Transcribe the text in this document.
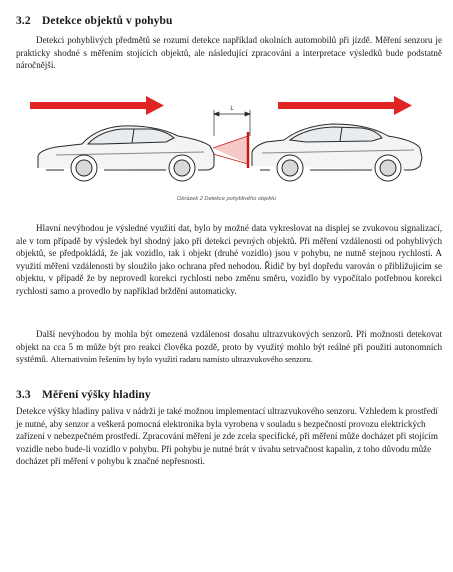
3.2 Detekce objektů v pohybu

Detekci pohyblivých předmětů se rozumí detekce například okolních automobilů při jízdě. Měření senzoru je prakticky shodné s měřením stojících objektů, ale následující zpracování a interpretace výsledků bude podstatně náročnější.

L
Obrázek 2 Detekce pohyblivého objektu

Hlavní nevýhodou je výsledné využití dat, bylo by možné data vykreslovat na displej se zvukovou signalizací, ale v tom případě by výsledek byl shodný jako při detekci pevných objektů. Při měření vzdálenosti od pohyblivých objektů, se předpokládá, že jak vozidlo, tak i objekt (druhé vozidlo) jsou v pohybu, ne nutně stejnou rychlostí. A využití měření vzdálenosti by sloužilo jako ochrana před nehodou. Řidič by byl dopředu varován o přibližujícím se objektu, v případě že by neprovedl korekci rychlosti nebo změnu směru, vozidlo by vypočítalo potřebnou korekci rychlosti samo a provedlo by například brždění automaticky.

Další nevýhodou by mohla být omezená vzdálenost dosahu ultrazvukových senzorů. Při možnosti detekovat objekt na cca 5 m může být pro reakci člověka pozdě, proto by využitý mohlo být reálné při použití autonomních systémů. Alternativním řešením by bylo využití radaru namísto ultrazvukového senzoru.

3.3 Měření výšky hladiny

Detekce výšky hladiny paliva v nádrži je také možnou implementací ultrazvukového senzoru. Vzhledem k prostředí je nutné, aby senzor a veškerá pomocná elektronika byla vyrobena v souladu s bezpečností provozu elektrických zařízení v nebezpečném prostředí. Zpracování měření je zde zcela specifické, při měření může docházet při stojícím vozidle nebo bude-li vozidlo v pohybu. Při pohybu je nutné brát v úvahu setrvačnost kapalin, z toho důvodu může docházet při měření v pohybu k značné nepřesnosti.
